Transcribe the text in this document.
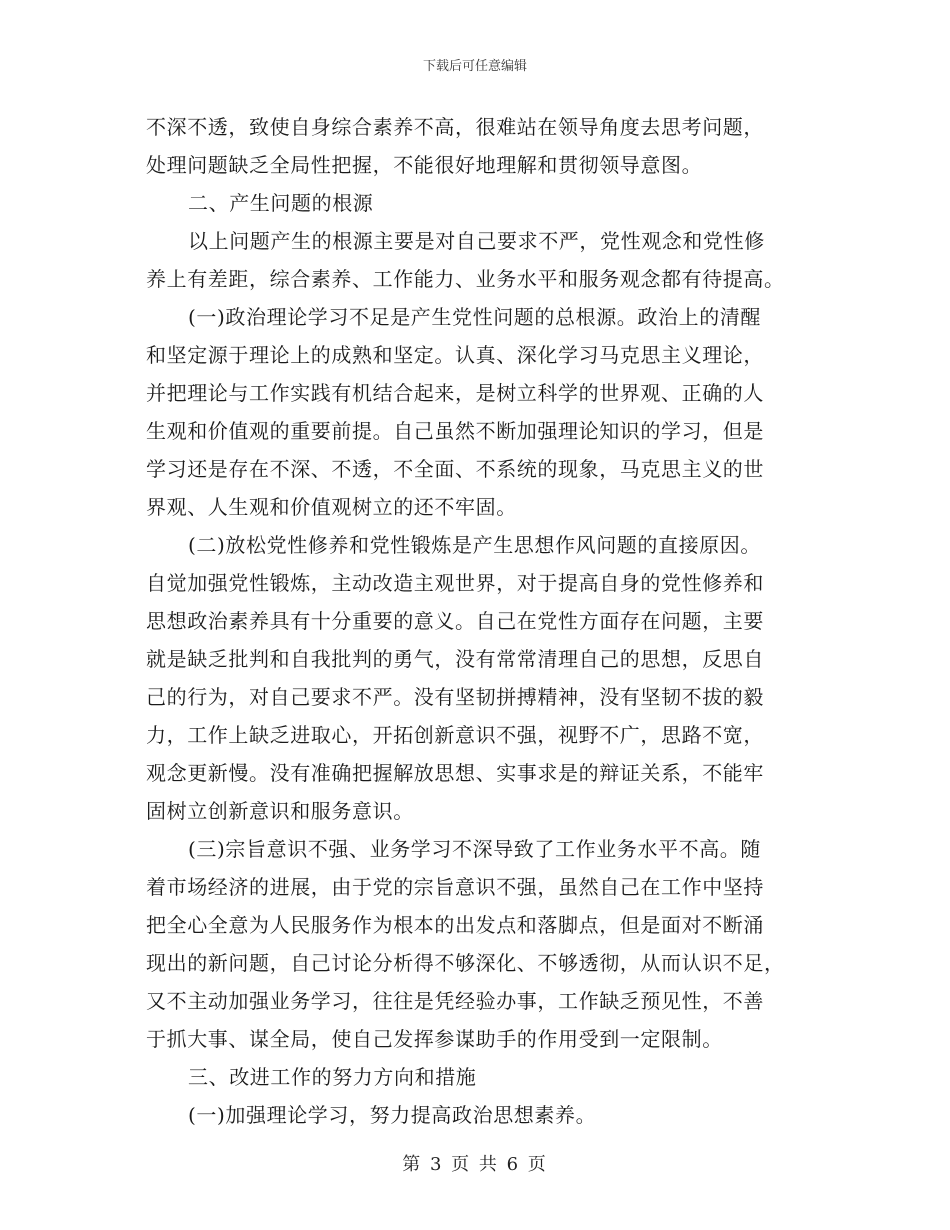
下载后可任意编辑
不深不透，致使自身综合素养不高，很难站在领导角度去思考问题，
处理问题缺乏全局性把握，不能很好地理解和贯彻领导意图。
二、产生问题的根源
以上问题产生的根源主要是对自己要求不严，党性观念和党性修
养上有差距，综合素养、工作能力、业务水平和服务观念都有待提高。
(一)政治理论学习不足是产生党性问题的总根源。政治上的清醒
和坚定源于理论上的成熟和坚定。认真、深化学习马克思主义理论，
并把理论与工作实践有机结合起来，是树立科学的世界观、正确的人
生观和价值观的重要前提。自己虽然不断加强理论知识的学习，但是
学习还是存在不深、不透，不全面、不系统的现象，马克思主义的世
界观、人生观和价值观树立的还不牢固。
(二)放松党性修养和党性锻炼是产生思想作风问题的直接原因。
自觉加强党性锻炼，主动改造主观世界，对于提高自身的党性修养和
思想政治素养具有十分重要的意义。自己在党性方面存在问题，主要
就是缺乏批判和自我批判的勇气，没有常常清理自己的思想，反思自
己的行为，对自己要求不严。没有坚韧拼搏精神，没有坚韧不拔的毅
力，工作上缺乏进取心，开拓创新意识不强，视野不广，思路不宽，
观念更新慢。没有准确把握解放思想、实事求是的辩证关系，不能牢
固树立创新意识和服务意识。
(三)宗旨意识不强、业务学习不深导致了工作业务水平不高。随
着市场经济的进展，由于党的宗旨意识不强，虽然自己在工作中坚持
把全心全意为人民服务作为根本的出发点和落脚点，但是面对不断涌
现出的新问题，自己讨论分析得不够深化、不够透彻，从而认识不足，
又不主动加强业务学习，往往是凭经验办事，工作缺乏预见性，不善
于抓大事、谋全局，使自己发挥参谋助手的作用受到一定限制。
三、改进工作的努力方向和措施
(一)加强理论学习，努力提高政治思想素养。
第 3 页 共 6 页
